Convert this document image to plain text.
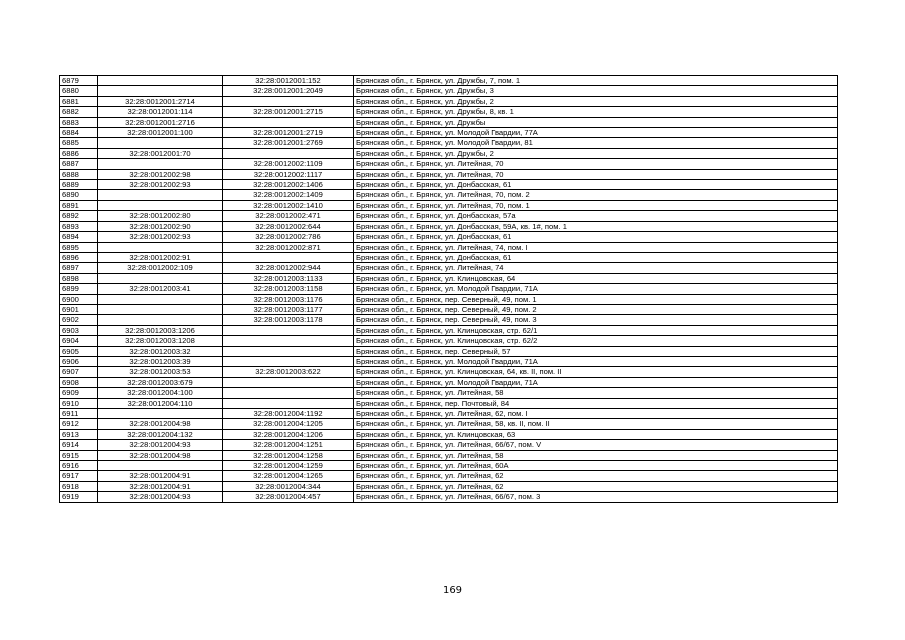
6879		32:28:0012001:152	Брянская обл., г. Брянск, ул. Дружбы, 7, пом. 1
6880		32:28:0012001:2049	Брянская обл., г. Брянск, ул. Дружбы, 3
6881	32:28:0012001:2714		Брянская обл., г. Брянск, ул. Дружбы, 2
6882	32:28:0012001:114	32:28:0012001:2715	Брянская обл., г. Брянск, ул. Дружбы, 8, кв. 1
6883	32:28:0012001:2716		Брянская обл., г. Брянск, ул. Дружбы
6884	32:28:0012001:100	32:28:0012001:2719	Брянская обл., г. Брянск, ул. Молодой Гвардии, 77А
6885		32:28:0012001:2769	Брянская обл., г. Брянск, ул. Молодой Гвардии, 81
6886	32:28:0012001:70		Брянская обл., г. Брянск, ул. Дружбы, 2
6887		32:28:0012002:1109	Брянская обл., г. Брянск, ул. Литейная, 70
6888	32:28:0012002:98	32:28:0012002:1117	Брянская обл., г. Брянск, ул. Литейная, 70
6889	32:28:0012002:93	32:28:0012002:1406	Брянская обл., г. Брянск, ул. Донбасская, 61
6890		32:28:0012002:1409	Брянская обл., г. Брянск, ул. Литейная, 70, пом. 2
6891		32:28:0012002:1410	Брянская обл., г. Брянск, ул. Литейная, 70, пом. 1
6892	32:28:0012002:80	32:28:0012002:471	Брянская обл., г. Брянск, ул. Донбасская, 57а
6893	32:28:0012002:90	32:28:0012002:644	Брянская обл., г. Брянск, ул. Донбасская, 59А, кв. 1#, пом. 1
6894	32:28:0012002:93	32:28:0012002:786	Брянская обл., г. Брянск, ул. Донбасская, 61
6895		32:28:0012002:871	Брянская обл., г. Брянск, ул. Литейная, 74, пом. I
6896	32:28:0012002:91		Брянская обл., г. Брянск, ул. Донбасская, 61
6897	32:28:0012002:109	32:28:0012002:944	Брянская обл., г. Брянск, ул. Литейная, 74
6898		32:28:0012003:1133	Брянская обл., г. Брянск, ул. Клинцовская, 64
6899	32:28:0012003:41	32:28:0012003:1158	Брянская обл., г. Брянск, ул. Молодой Гвардии, 71А
6900		32:28:0012003:1176	Брянская обл., г. Брянск, пер. Северный, 49, пом. 1
6901		32:28:0012003:1177	Брянская обл., г. Брянск, пер. Северный, 49, пом. 2
6902		32:28:0012003:1178	Брянская обл., г. Брянск, пер. Северный, 49, пом. 3
6903	32:28:0012003:1206		Брянская обл., г. Брянск, ул. Клинцовская, стр. 62/1
6904	32:28:0012003:1208		Брянская обл., г. Брянск, ул. Клинцовская, стр. 62/2
6905	32:28:0012003:32		Брянская обл., г. Брянск, пер. Северный, 57
6906	32:28:0012003:39		Брянская обл., г. Брянск, ул. Молодой Гвардии, 71А
6907	32:28:0012003:53	32:28:0012003:622	Брянская обл., г. Брянск, ул. Клинцовская, 64, кв. II, пом. II
6908	32:28:0012003:679		Брянская обл., г. Брянск, ул. Молодой Гвардии, 71А
6909	32:28:0012004:100		Брянская обл., г. Брянск, ул. Литейная, 58
6910	32:28:0012004:110		Брянская обл., г. Брянск, пер. Почтовый, 84
6911		32:28:0012004:1192	Брянская обл., г. Брянск, ул. Литейная, 62, пом. I
6912	32:28:0012004:98	32:28:0012004:1205	Брянская обл., г. Брянск, ул. Литейная, 58, кв. II, пом. II
6913	32:28:0012004:132	32:28:0012004:1206	Брянская обл., г. Брянск, ул. Клинцовская, 63
6914	32:28:0012004:93	32:28:0012004:1251	Брянская обл., г. Брянск, ул. Литейная, 66/67, пом. V
6915	32:28:0012004:98	32:28:0012004:1258	Брянская обл., г. Брянск, ул. Литейная, 58
6916		32:28:0012004:1259	Брянская обл., г. Брянск, ул. Литейная, 60А
6917	32:28:0012004:91	32:28:0012004:1265	Брянская обл., г. Брянск, ул. Литейная, 62
6918	32:28:0012004:91	32:28:0012004:344	Брянская обл., г. Брянск, ул. Литейная, 62
6919	32:28:0012004:93	32:28:0012004:457	Брянская обл., г. Брянск, ул. Литейная, 66/67, пом. 3
169
